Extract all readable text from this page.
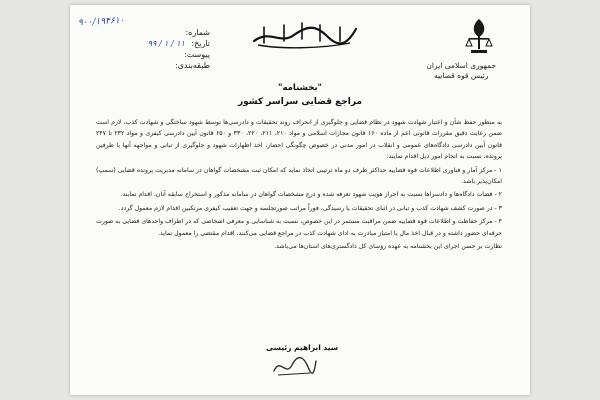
۹۰۰/۱۹۴۶۱۰
شماره:
تاریخ: ۱۱ / ۱ / ۹۹
پیوست:
طبقه‌بندی:	جمهوری اسلامی ایران
رئیس قوه قضاییه
"بخشنامه"
مراجع قضایی سراسر کشور

به منظور حفظ شأن و اعتبار شهادت شهود در نظام قضایی و جلوگیری از انحراف روند تحقیقات و دادرسی‌ها توسط شهود ساختگی و شهادت کذب، لازم است ضمن رعایت دقیق مقررات قانونی اعم از ماده ۱۶۰ قانون مجازات اسلامی و مواد ۲۱۰، ۲۱۱، ۲۲۰، ۳۳۰ و ۶۵۰ قانون آیین دادرسی کیفری و مواد ۲۳۲ تا ۲۴۷ قانون آیین دادرسی دادگاه‌های عمومی و انقلاب در امور مدنی در خصوص چگونگی احضار، اخذ اظهارات شهود و جلوگیری از تبانی و مواجهه آنها با طرفین پرونده، نسبت به انجام امور ذیل اقدام نمایند:

۱ - مرکز آمار و فناوری اطلاعات قوه قضاییه حداکثر ظرف دو ماه ترتیبی اتخاذ نماید که امکان ثبت مشخصات گواهان در سامانه مدیریت پرونده قضایی (سمپ) امکان‌پذیر باشد.

۲ - قضات دادگاه‌ها و دادسراها نسبت به احراز هویت شهود تعرفه شده و درج مشخصات گواهان در سامانه مذکور و استخراج سابقه آنان، اقدام نمایند.

۳ - در صورت کشف شهادت کذب و تبانی در اثنای تحقیقات یا رسیدگی، فوراً مراتب صورتجلسه و جهت تعقیب کیفری مرتکبین اقدام لازم معمول گردد.

۴ - مرکز حفاظت و اطلاعات قوه قضاییه ضمن مراقبت مستمر در این خصوص، نسبت به شناسایی و معرفی اشخاصی که در اطراف واحدهای قضایی به صورت حرفه‌ای حضور داشته و در قبال اخذ مال یا امتیاز مبادرت به ادای شهادت کذب در مراجع قضایی می‌کنند، اقدام مقتضی را معمول نماید.

نظارت بر حسن اجرای این بخشنامه به عهده رؤسای کل دادگستری‌های استان‌ها می‌باشد.

سید ابراهیم رئیسی
